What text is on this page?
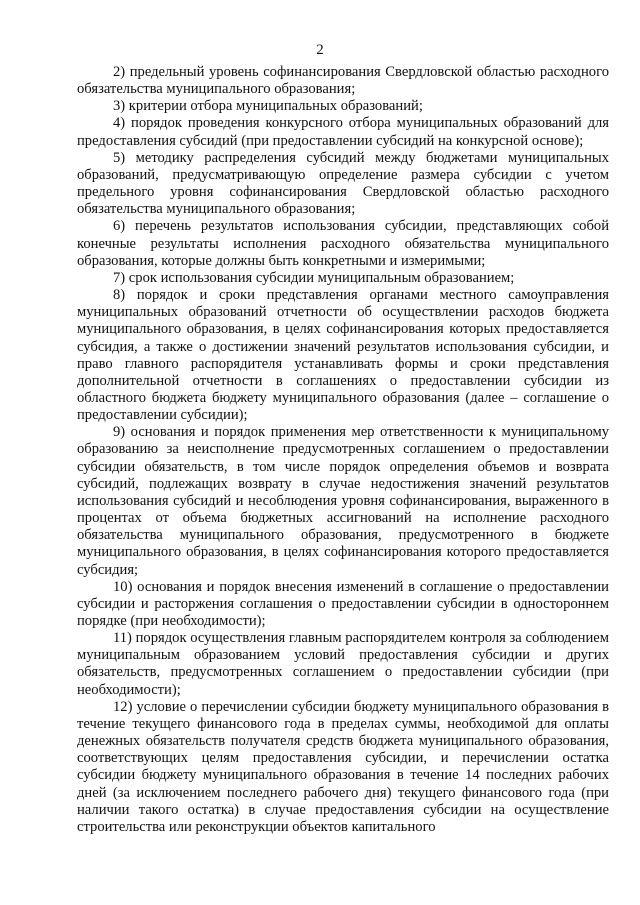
2

2) предельный уровень софинансирования Свердловской областью расходного обязательства муниципального образования;

3) критерии отбора муниципальных образований;

4) порядок проведения конкурсного отбора муниципальных образований для предоставления субсидий (при предоставлении субсидий на конкурсной основе);

5) методику распределения субсидий между бюджетами муниципальных образований, предусматривающую определение размера субсидии с учетом предельного уровня софинансирования Свердловской областью расходного обязательства муниципального образования;

6) перечень результатов использования субсидии, представляющих собой конечные результаты исполнения расходного обязательства муниципального образования, которые должны быть конкретными и измеримыми;

7) срок использования субсидии муниципальным образованием;

8) порядок и сроки представления органами местного самоуправления муниципальных образований отчетности об осуществлении расходов бюджета муниципального образования, в целях софинансирования которых предоставляется субсидия, а также о достижении значений результатов использования субсидии, и право главного распорядителя устанавливать формы и сроки представления дополнительной отчетности в соглашениях о предоставлении субсидии из областного бюджета бюджету муниципального образования (далее – соглашение о предоставлении субсидии);

9) основания и порядок применения мер ответственности к муниципальному образованию за неисполнение предусмотренных соглашением о предоставлении субсидии обязательств, в том числе порядок определения объемов и возврата субсидий, подлежащих возврату в случае недостижения значений результатов использования субсидий и несоблюдения уровня софинансирования, выраженного в процентах от объема бюджетных ассигнований на исполнение расходного обязательства муниципального образования, предусмотренного в бюджете муниципального образования, в целях софинансирования которого предоставляется субсидия;

10) основания и порядок внесения изменений в соглашение о предоставлении субсидии и расторжения соглашения о предоставлении субсидии в одностороннем порядке (при необходимости);

11) порядок осуществления главным распорядителем контроля за соблюдением муниципальным образованием условий предоставления субсидии и других обязательств, предусмотренных соглашением о предоставлении субсидии (при необходимости);

12) условие о перечислении субсидии бюджету муниципального образования в течение текущего финансового года в пределах суммы, необходимой для оплаты денежных обязательств получателя средств бюджета муниципального образования, соответствующих целям предоставления субсидии, и перечислении остатка субсидии бюджету муниципального образования в течение 14 последних рабочих дней (за исключением последнего рабочего дня) текущего финансового года (при наличии такого остатка) в случае предоставления субсидии на осуществление строительства или реконструкции объектов капитального
